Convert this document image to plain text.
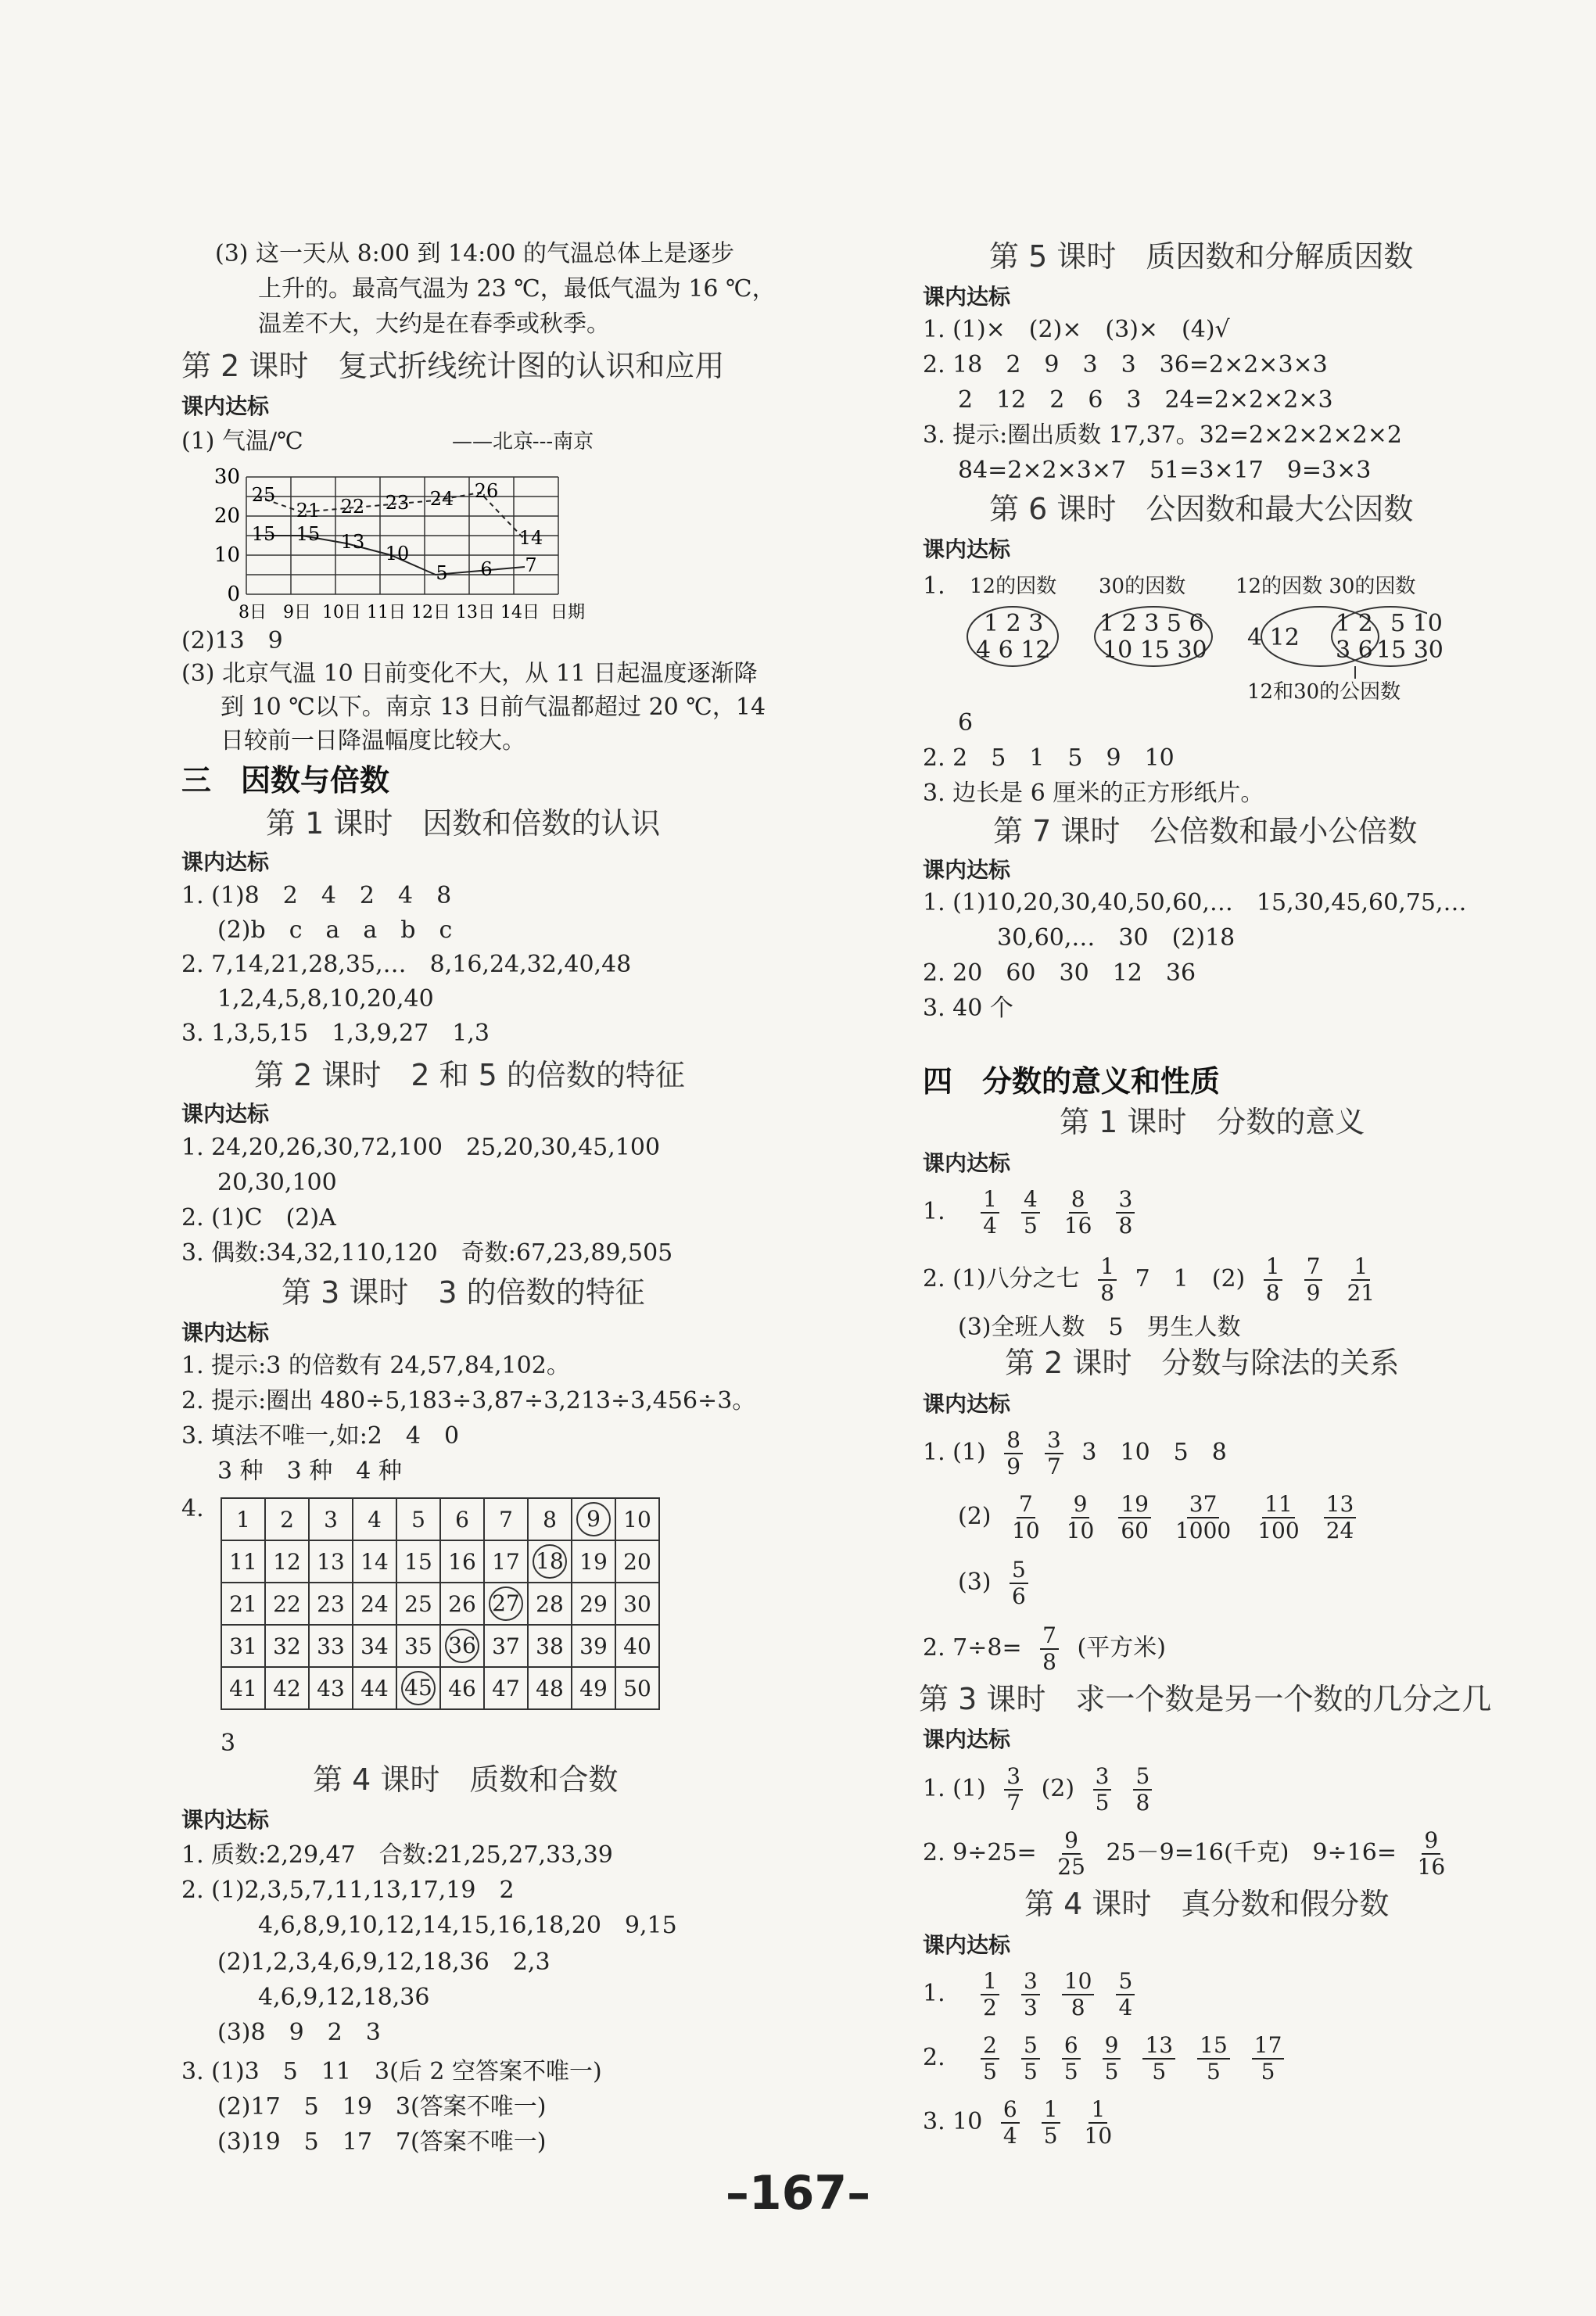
(3) 这一天从 8:00 到 14:00 的气温总体上是逐步
上升的。最高气温为 23 ℃，最低气温为 16 ℃，
温差不大，大约是在春季或秋季。
第 2 课时　复式折线统计图的认识和应用
课内达标
(1) 气温/℃	——北京
----南京
30
20
10
0
8日 9日 10日 11日 12日 13日 14日 日期
15 15 13
10
5 6 7
25
21 22 23 24 26
14
(2)13　9
(3) 北京气温 10 日前变化不大，从 11 日起温度逐渐降
到 10 ℃以下。南京 13 日前气温都超过 20 ℃，14
日较前一日降温幅度比较大。
三　因数与倍数
第 1 课时　因数和倍数的认识
课内达标
1. (1)8　2　4　2　4　8
(2)b　c　a　a　b　c
2. 7,14,21,28,35,…　8,16,24,32,40,48
1,2,4,5,8,10,20,40
3. 1,3,5,15　1,3,9,27　1,3
第 2 课时　2 和 5 的倍数的特征
课内达标
1. 24,20,26,30,72,100　25,20,30,45,100
20,30,100
2. (1)C　(2)A
3. 偶数:34,32,110,120　奇数:67,23,89,505
第 3 课时　3 的倍数的特征
课内达标
1. 提示:3 的倍数有 24,57,84,102。
2. 提示:圈出 480÷5,183÷3,87÷3,213÷3,456÷3。
3. 填法不唯一,如:2　4　0
3 种　3 种　4 种
4. 1	2	3	4	5	6	7	8	9	10
11	12	13	14	15	16	17	18	19	20
21	22	23	24	25	26	27	28	29	30
31	32	33	34	35	36	37	38	39	40
41	42	43	44	45	46	47	48	49	50
3
第 4 课时　质数和合数
课内达标
1. 质数:2,29,47　合数:21,25,27,33,39
2. (1)2,3,5,7,11,13,17,19　2
4,6,8,9,10,12,14,15,16,18,20　9,15
(2)1,2,3,4,6,9,12,18,36　2,3
4,6,9,12,18,36
(3)8　9　2　3
3. (1)3　5　11　3(后 2 空答案不唯一)
(2)17　5　19　3(答案不唯一)
(3)19　5　17　7(答案不唯一)
第 5 课时　质因数和分解质因数
课内达标
1. (1)×　(2)×　(3)×　(4)√
2. 18　2　9　3　3　36=2×2×3×3
2　12　2　6　3　24=2×2×2×3
3. 提示:圈出质数 17,37。32=2×2×2×2×2
84=2×2×3×7　51=3×17　9=3×3
第 6 课时　公因数和最大公因数
课内达标
1. 12的因数 30的因数 12的因数 30的因数
1 2 3
4 6 12
1 2 3 5 6
10 15 30 4 12
1 2
3 6
5 10
15 30
12和30的公因数
6
2. 2　5　1　5　9　10
3. 边长是 6 厘米的正方形纸片。
第 7 课时　公倍数和最小公倍数
课内达标
1. (1)10,20,30,40,50,60,…　15,30,45,60,75,…
30,60,…　30　(2)18
2. 20　60　30　12　36
3. 40 个
四　分数的意义和性质
第 1 课时　分数的意义
课内达标
1. $\frac{1}{4} \frac{4}{5} \frac{8}{16} \frac{3}{8}$
2. (1)八分之七 $\frac{1}{8} 7$　1　$(2) \frac{1}{8} \frac{7}{9} \frac{1}{21}$
(3)全班人数　5　男生人数
第 2 课时　分数与除法的关系
课内达标
1. $(1) \frac{8}{9} \frac{3}{7} 3$　10　5　8
$(2) \frac{7}{10} \frac{9}{10} \frac{19}{60} \frac{37}{1000} \frac{11}{100} \frac{13}{24}$
$(3) \frac{5}{6}$
2. $7\div 8= \frac{7}{8}$ (平方米)
第 3 课时　求一个数是另一个数的几分之几
课内达标
1. $(1) \frac{3}{7} (2) \frac{3}{5} \frac{5}{8}$
2. $9\div 25= \frac{9}{25} 25-9=16$(千克)　$9\div 16= \frac{9}{16}$
第 4 课时　真分数和假分数
课内达标
1. $\frac{1}{2} \frac{3}{3} \frac{10}{8} \frac{5}{4}$
2. $\frac{2}{5} \frac{5}{5} \frac{6}{5} \frac{9}{5} \frac{13}{5} \frac{15}{5} \frac{17}{5}$
3. $10 \frac{6}{4} \frac{1}{5} \frac{1}{10}$
–167–
